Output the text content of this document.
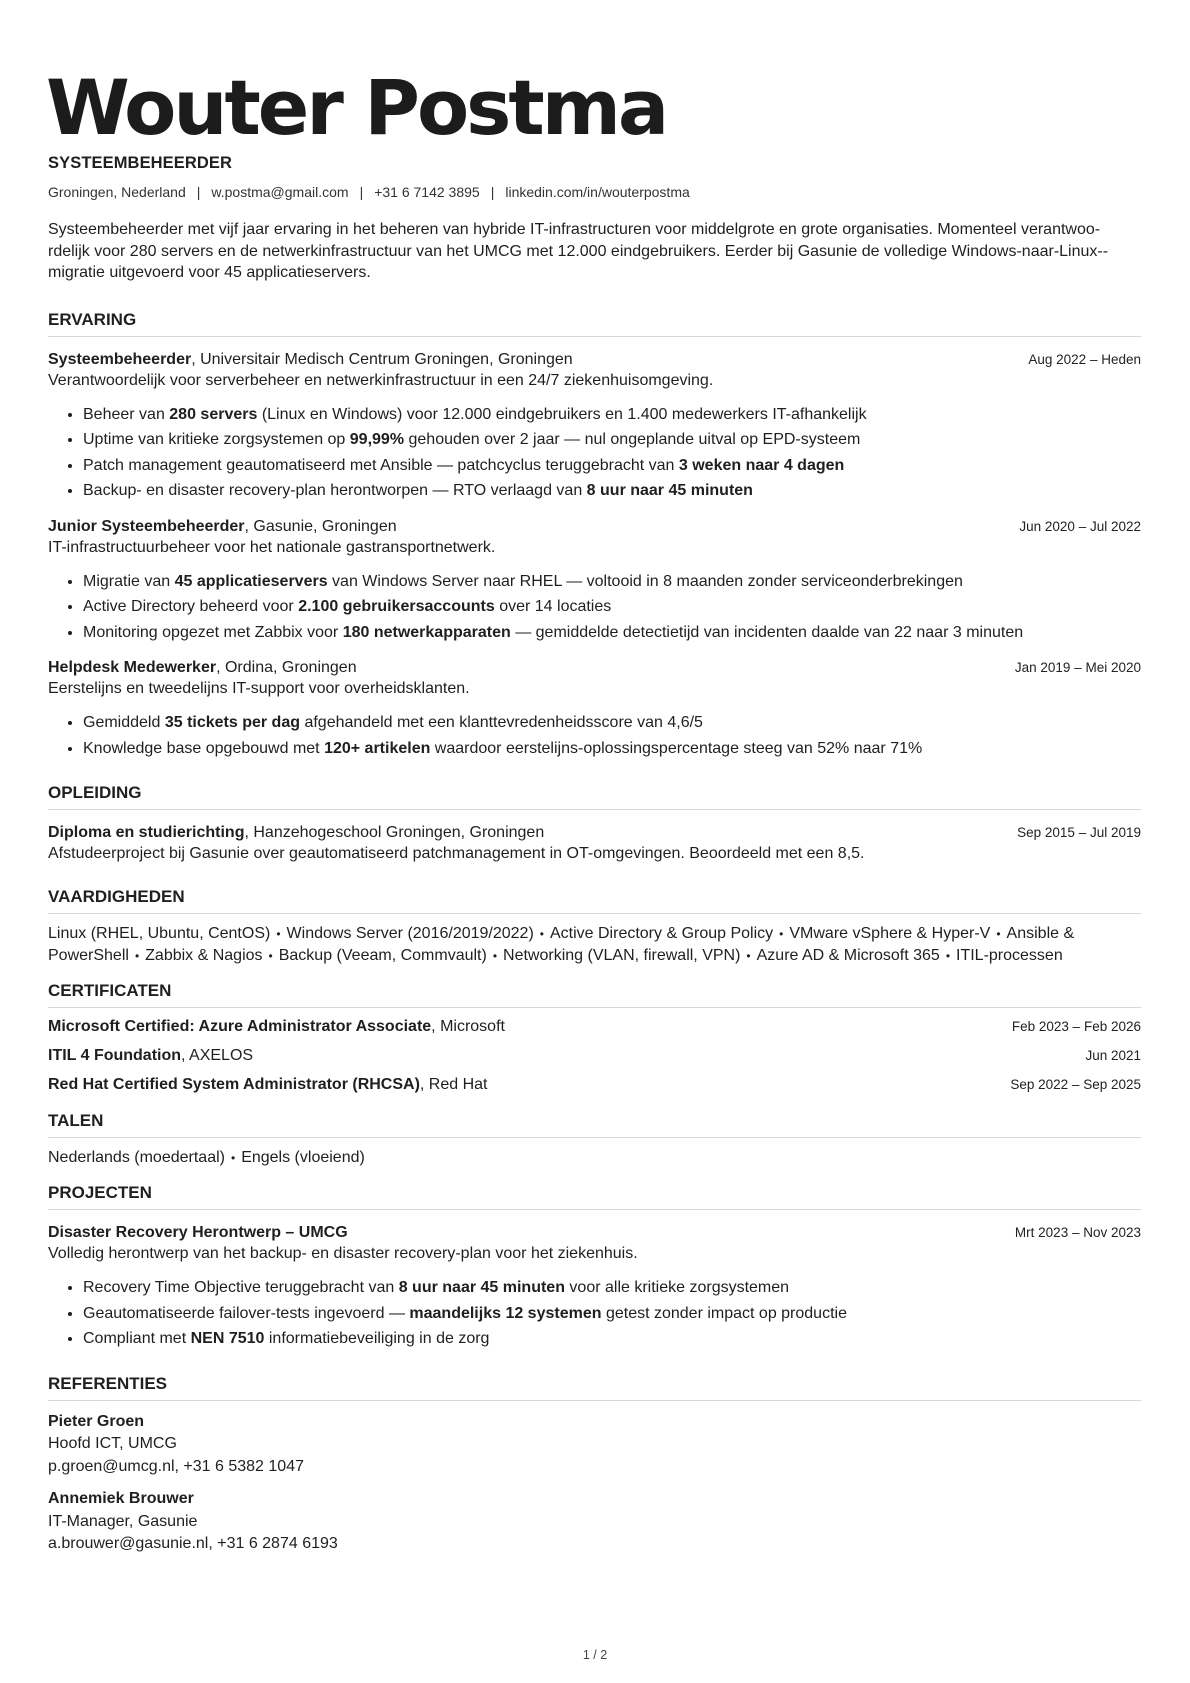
Wouter Postma
SYSTEEMBEHEERDER
Groningen, Nederland | w.postma@gmail.com | +31 6 7142 3895 | linkedin.com/in/wouterpostma
Systeembeheerder met vijf jaar ervaring in het beheren van hybride IT-infrastructuren voor middelgrote en grote organisaties. Momenteel verantwoo-rdelijk voor 280 servers en de netwerkinfrastructuur van het UMCG met 12.000 eindgebruikers. Eerder bij Gasunie de volledige Windows-naar-Linux--migratie uitgevoerd voor 45 applicatieservers.
ERVARING
Systeembeheerder, Universitair Medisch Centrum Groningen, Groningen	Aug 2022 – Heden
Verantwoordelijk voor serverbeheer en netwerkinfrastructuur in een 24/7 ziekenhuisomgeving.
• Beheer van 280 servers (Linux en Windows) voor 12.000 eindgebruikers en 1.400 medewerkers IT-afhankelijk
• Uptime van kritieke zorgsystemen op 99,99% gehouden over 2 jaar — nul ongeplande uitval op EPD-systeem
• Patch management geautomatiseerd met Ansible — patchcyclus teruggebracht van 3 weken naar 4 dagen
• Backup- en disaster recovery-plan herontworpen — RTO verlaagd van 8 uur naar 45 minuten
Junior Systeembeheerder, Gasunie, Groningen	Jun 2020 – Jul 2022
IT-infrastructuurbeheer voor het nationale gastransportnetwerk.
• Migratie van 45 applicatieservers van Windows Server naar RHEL — voltooid in 8 maanden zonder serviceonderbrekingen
• Active Directory beheerd voor 2.100 gebruikersaccounts over 14 locaties
• Monitoring opgezet met Zabbix voor 180 netwerkapparaten — gemiddelde detectietijd van incidenten daalde van 22 naar 3 minuten
Helpdesk Medewerker, Ordina, Groningen	Jan 2019 – Mei 2020
Eerstelijns en tweedelijns IT-support voor overheidsklanten.
• Gemiddeld 35 tickets per dag afgehandeld met een klanttevredenheidsscore van 4,6/5
• Knowledge base opgebouwd met 120+ artikelen waardoor eerstelijns-oplossingspercentage steeg van 52% naar 71%
OPLEIDING
Diploma en studierichting, Hanzehogeschool Groningen, Groningen	Sep 2015 – Jul 2019
Afstudeerproject bij Gasunie over geautomatiseerd patchmanagement in OT-omgevingen. Beoordeeld met een 8,5.
VAARDIGHEDEN
Linux (RHEL, Ubuntu, CentOS) • Windows Server (2016/2019/2022) • Active Directory & Group Policy • VMware vSphere & Hyper-V • Ansible & PowerShell • Zabbix & Nagios • Backup (Veeam, Commvault) • Networking (VLAN, firewall, VPN) • Azure AD & Microsoft 365 • ITIL-processen
CERTIFICATEN
Microsoft Certified: Azure Administrator Associate, Microsoft	Feb 2023 – Feb 2026
ITIL 4 Foundation, AXELOS	Jun 2021
Red Hat Certified System Administrator (RHCSA), Red Hat	Sep 2022 – Sep 2025
TALEN
Nederlands (moedertaal) • Engels (vloeiend)
PROJECTEN
Disaster Recovery Herontwerp – UMCG	Mrt 2023 – Nov 2023
Volledig herontwerp van het backup- en disaster recovery-plan voor het ziekenhuis.
• Recovery Time Objective teruggebracht van 8 uur naar 45 minuten voor alle kritieke zorgsystemen
• Geautomatiseerde failover-tests ingevoerd — maandelijks 12 systemen getest zonder impact op productie
• Compliant met NEN 7510 informatiebeveiliging in de zorg
REFERENTIES
Pieter Groen
Hoofd ICT, UMCG
p.groen@umcg.nl, +31 6 5382 1047
Annemiek Brouwer
IT-Manager, Gasunie
a.brouwer@gasunie.nl, +31 6 2874 6193
1 / 2
